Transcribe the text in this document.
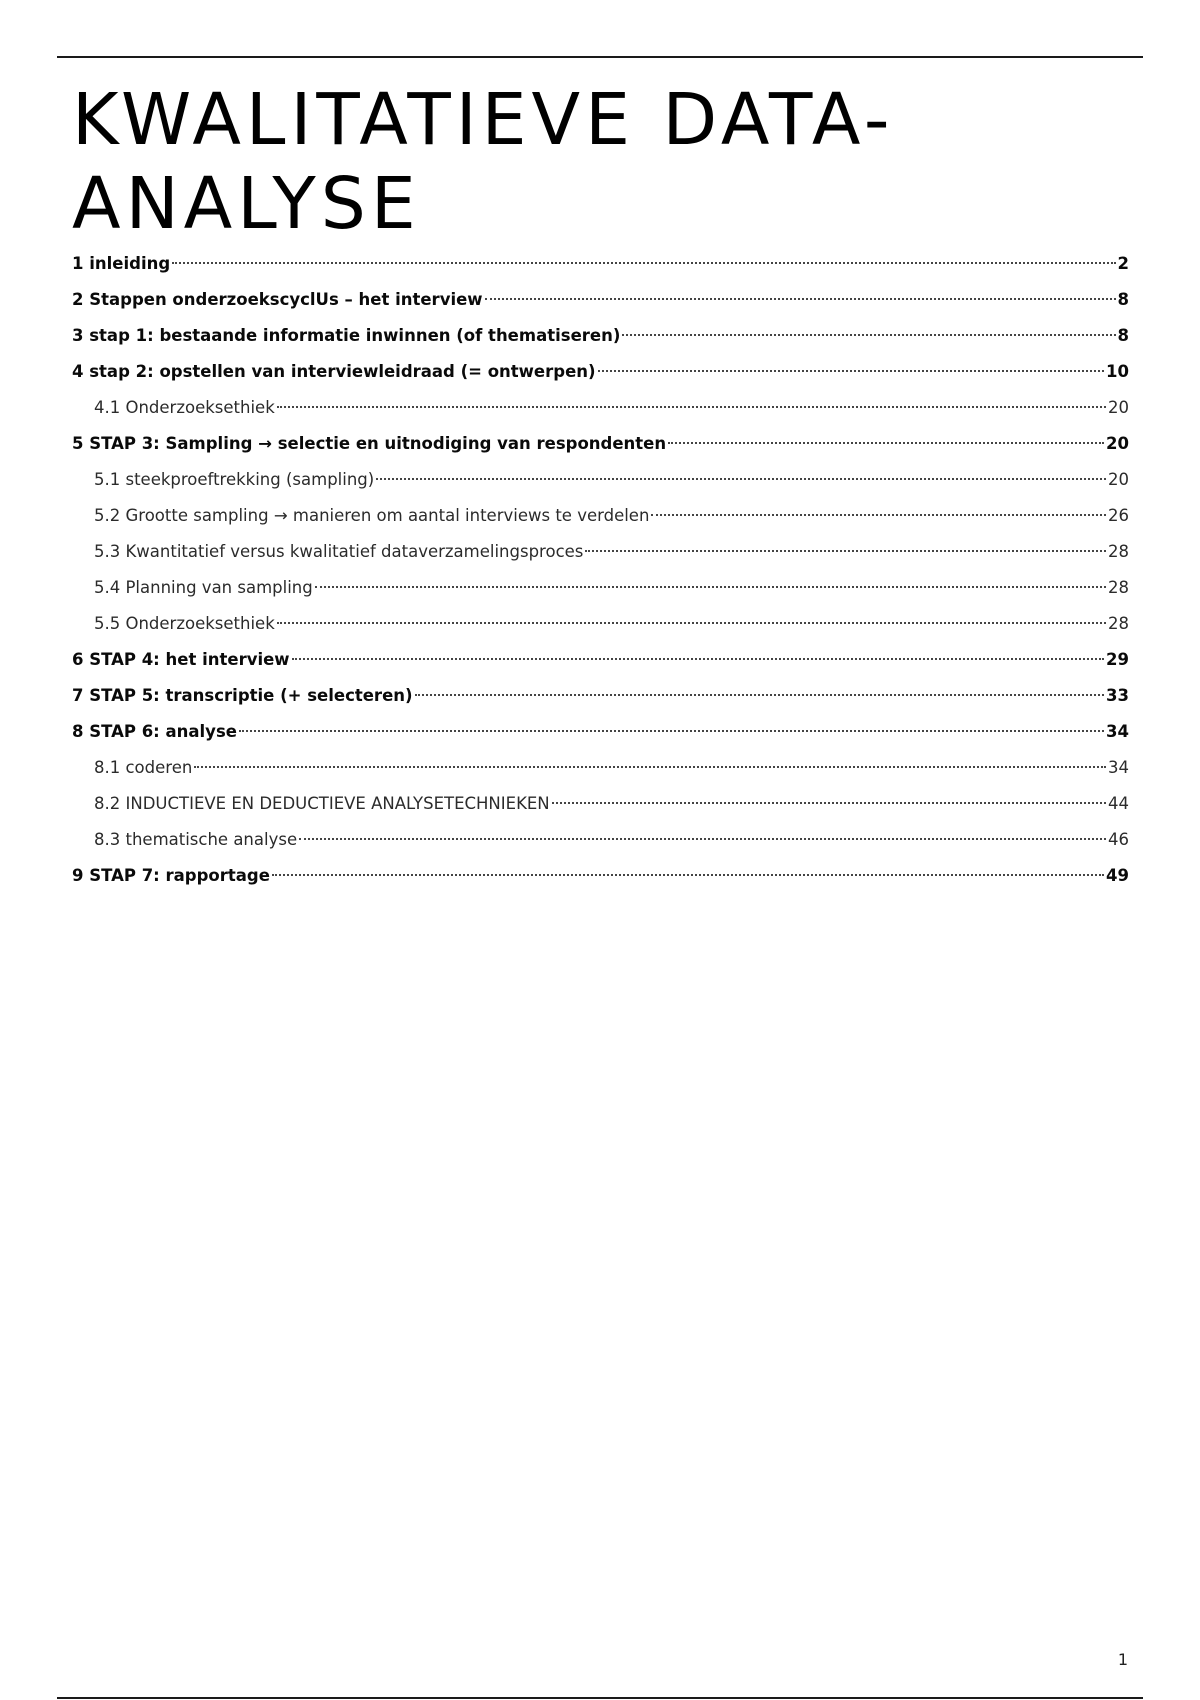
KWALITATIEVE DATA-
ANALYSE
1 inleiding	2
2 Stappen onderzoekscyclUs – het interview	8
3 stap 1: bestaande informatie inwinnen (of thematiseren)	8
4 stap 2: opstellen van interviewleidraad (= ontwerpen)	10
4.1 Onderzoeksethiek	20
5 STAP 3: Sampling → selectie en uitnodiging van respondenten	20
5.1 steekproeftrekking (sampling)	20
5.2 Grootte sampling → manieren om aantal interviews te verdelen	26
5.3 Kwantitatief versus kwalitatief dataverzamelingsproces	28
5.4 Planning van sampling	28
5.5 Onderzoeksethiek	28
6 STAP 4: het interview	29
7 STAP 5: transcriptie (+ selecteren)	33
8 STAP 6: analyse	34
8.1 coderen	34
8.2 INDUCTIEVE EN DEDUCTIEVE ANALYSETECHNIEKEN	44
8.3 thematische analyse	46
9 STAP 7: rapportage	49
1
